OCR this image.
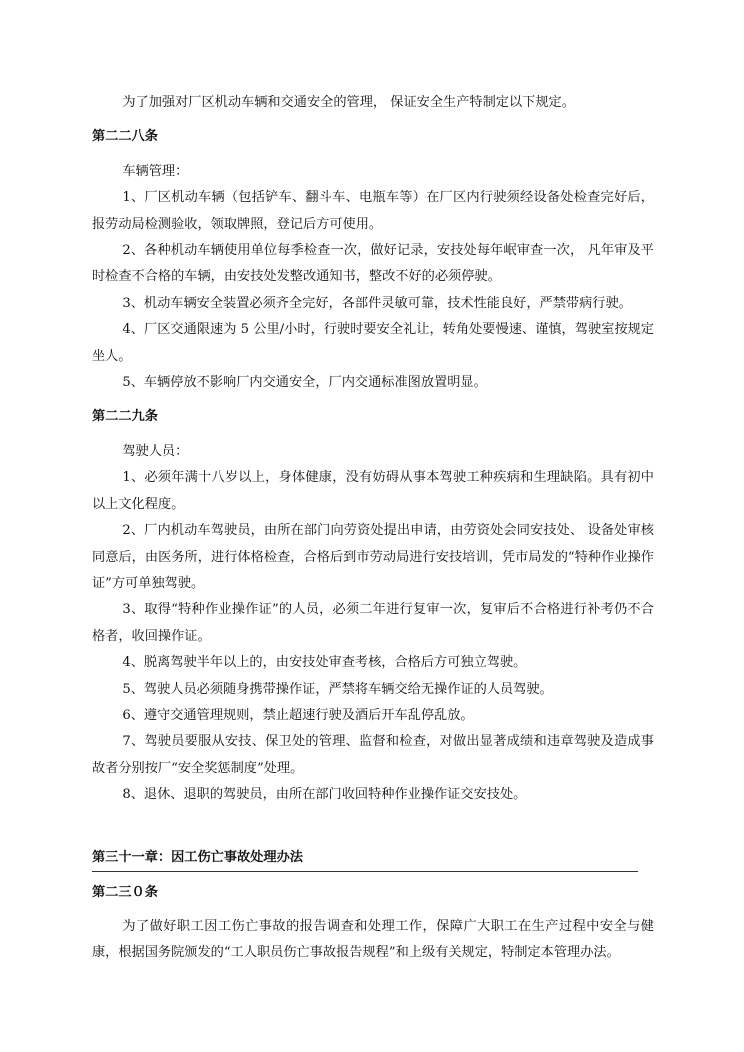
为了加强对厂区机动车辆和交通安全的管理， 保证安全生产特制定以下规定。

第二二八条

车辆管理：

1、厂区机动车辆（包括铲车、翻斗车、电瓶车等）在厂区内行驶须经设备处检查完好后，报劳动局检测验收，领取牌照，登记后方可使用。

2、各种机动车辆使用单位每季检查一次，做好记录，安技处每年岷审查一次， 凡年审及平时检查不合格的车辆，由安技处发整改通知书，整改不好的必须停驶。

3、机动车辆安全装置必须齐全完好，各部件灵敏可靠，技术性能良好，严禁带病行驶。

4、厂区交通限速为 5 公里/小时，行驶时要安全礼让，转角处要慢速、谨慎，驾驶室按规定坐人。

5、车辆停放不影响厂内交通安全，厂内交通标准图放置明显。

第二二九条

驾驶人员：

1、必须年满十八岁以上，身体健康，没有妨碍从事本驾驶工种疾病和生理缺陷。具有初中以上文化程度。

2、厂内机动车驾驶员，由所在部门向劳资处提出申请，由劳资处会同安技处、 设备处审核同意后，由医务所，进行体格检查，合格后到市劳动局进行安技培训，凭市局发的“特种作业操作证”方可单独驾驶。

3、取得“特种作业操作证”的人员，必须二年进行复审一次，复审后不合格进行补考仍不合格者，收回操作证。

4、脱离驾驶半年以上的，由安技处审查考核，合格后方可独立驾驶。

5、驾驶人员必须随身携带操作证，严禁将车辆交给无操作证的人员驾驶。

6、遵守交通管理规则，禁止超速行驶及酒后开车乱停乱放。

7、驾驶员要服从安技、保卫处的管理、监督和检查，对做出显著成绩和违章驾驶及造成事故者分别按厂“安全奖惩制度”处理。

8、退休、退职的驾驶员，由所在部门收回特种作业操作证交安技处。

第三十一章：因工伤亡事故处理办法
第二三０条

为了做好职工因工伤亡事故的报告调查和处理工作，保障广大职工在生产过程中安全与健康，根据国务院颁发的“工人职员伤亡事故报告规程”和上级有关规定，特制定本管理办法。
